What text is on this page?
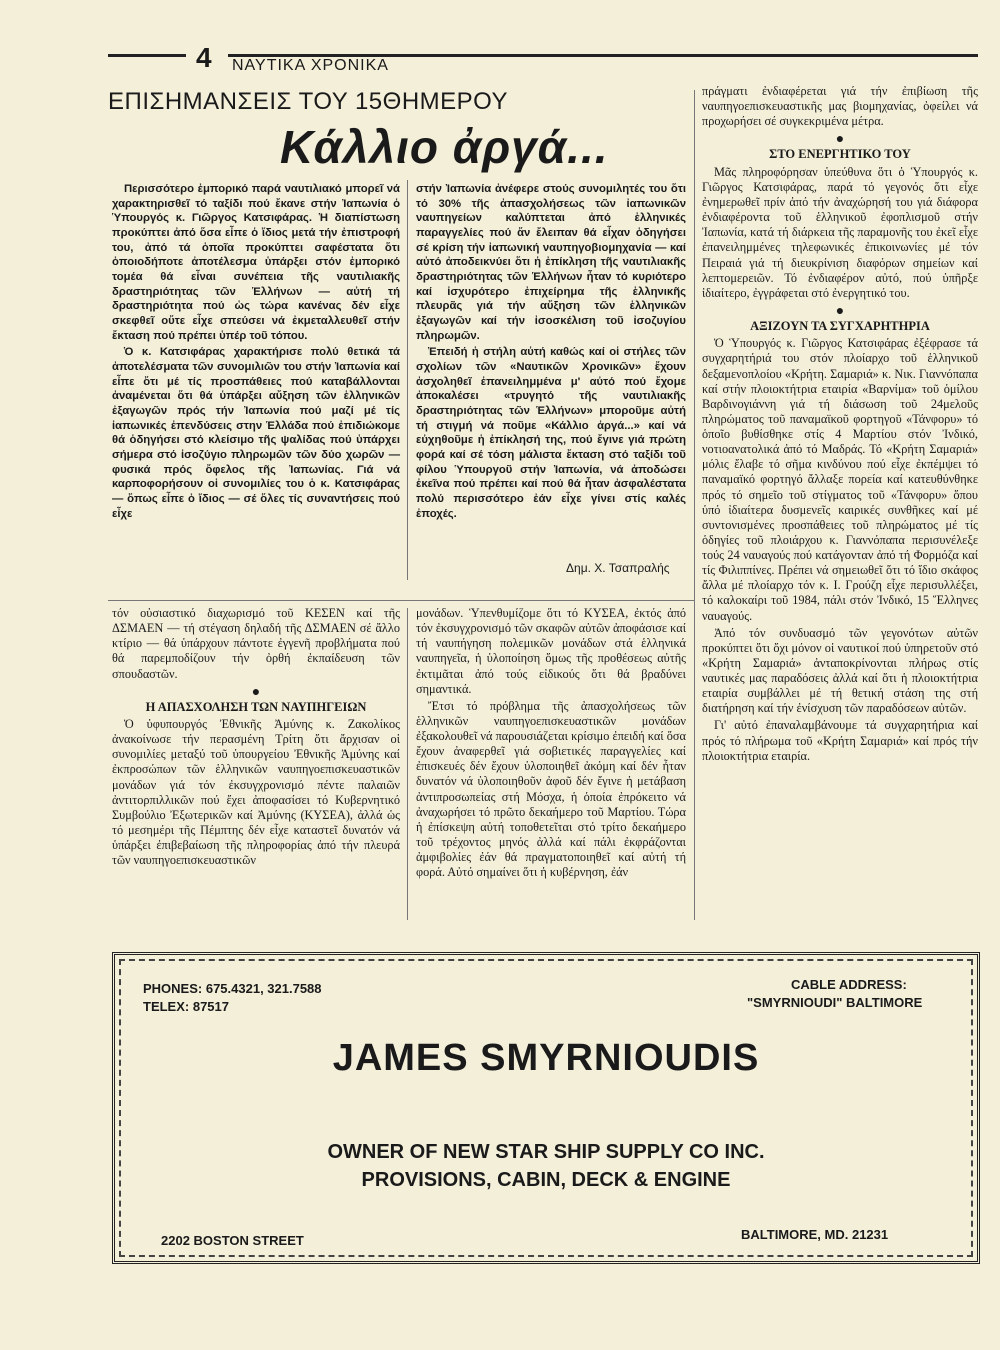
4 ΝΑΥΤΙΚΑ ΧΡΟΝΙΚΑ
ΕΠΙΣΗΜΑΝΣΕΙΣ ΤΟΥ 15ΘΗΜΕΡΟΥ
Κάλλιο ἀργά...

Περισσότερο ἐμπορικό παρά ναυτιλιακό μπορεῖ νά χαρακτηρισθεῖ τό ταξίδι πού ἔκανε στήν Ἰαπωνία ὁ Ὑπουργός κ. Γιῶργος Κατσιφάρας. Ἡ διαπίστωση προκύπτει ἀπό ὅσα εἶπε ὁ ἴδιος μετά τήν ἐπιστροφή του, ἀπό τά ὁποῖα προκύπτει σαφέστατα ὅτι ὁποιοδήποτε ἀποτέλεσμα ὑπάρξει στόν ἐμπορικό τομέα θά εἶναι συνέπεια τῆς ναυτιλιακῆς δραστηριότητας τῶν Ἑλλήνων — αὐτή τή δραστηριότητα πού ὡς τώρα κανένας δέν εἶχε σκεφθεῖ οὔτε εἶχε σπεύσει νά ἐκμεταλλευθεῖ στήν ἔκταση πού πρέπει ὑπέρ τοῦ τόπου.

Ὁ κ. Κατσιφάρας χαρακτήρισε πολύ θετικά τά ἀποτελέσματα τῶν συνομιλιῶν του στήν Ἰαπωνία καί εἶπε ὅτι μέ τίς προσπάθειες πού καταβάλλονται ἀναμένεται ὅτι θά ὑπάρξει αὔξηση τῶν ἑλληνικῶν ἐξαγωγῶν πρός τήν Ἰαπωνία πού μαζί μέ τίς ἰαπωνικές ἐπενδύσεις στην Ἑλλάδα πού ἐπιδιώκομε θά ὁδηγήσει στό κλείσιμο τῆς ψαλίδας πού ὑπάρχει σήμερα στό ἰσοζύγιο πληρωμῶν τῶν δύο χωρῶν — φυσικά πρός ὄφελος τῆς Ἰαπωνίας. Γιά νά καρποφορήσουν οἱ συνομιλίες του ὁ κ. Κατσιφάρας — ὅπως εἶπε ὁ ἴδιος — σέ ὅλες τίς συναντήσεις πού εἶχε

στήν Ἰαπωνία ἀνέφερε στούς συνομιλητές του ὅτι τό 30% τῆς ἀπασχολήσεως τῶν ἰαπωνικῶν ναυπηγείων καλύπτεται ἀπό ἑλληνικές παραγγελίες πού ἄν ἔλειπαν θά εἶχαν ὁδηγήσει σέ κρίση τήν ἰαπωνική ναυπηγοβιομηχανία — καί αὐτό ἀποδεικνύει ὅτι ἡ ἐπίκληση τῆς ναυτιλιακῆς δραστηριότητας τῶν Ἑλλήνων ἦταν τό κυριότερο καί ἰσχυρότερο ἐπιχείρημα τῆς ἑλληνικῆς πλευρᾶς γιά τήν αὔξηση τῶν ἑλληνικῶν ἐξαγωγῶν καί τήν ἰσοσκέλιση τοῦ ἰσοζυγίου πληρωμῶν.

Ἐπειδή ἡ στήλη αὐτή καθώς καί οἱ στήλες τῶν σχολίων τῶν «Ναυτικῶν Χρονικῶν» ἔχουν ἀσχοληθεῖ ἐπανειλημμένα μ' αὐτό πού ἔχομε ἀποκαλέσει «τρυγητό τῆς ναυτιλιακῆς δραστηριότητας τῶν Ἑλλήνων» μποροῦμε αὐτή τή στιγμή νά ποῦμε «Κάλλιο ἀργά...» καί νά εὐχηθοῦμε ἡ ἐπίκλησή της, πού ἔγινε γιά πρώτη φορά καί σέ τόση μάλιστα ἔκταση στό ταξίδι τοῦ φίλου Ὑπουργοῦ στήν Ἰαπωνία, νά ἀποδώσει ἐκεῖνα πού πρέπει καί πού θά ἦταν ἀσφαλέστατα πολύ περισσότερο ἐάν εἶχε γίνει στίς καλές ἐποχές.

Δημ. Χ. Τσαπραλής

πράγματι ἐνδιαφέρεται γιά τήν ἐπιβίωση τῆς ναυπηγοεπισκευαστικῆς μας βιομηχανίας, ὀφείλει νά προχωρήσει σέ συγκεκριμένα μέτρα.

●

ΣΤΟ ΕΝΕΡΓΗΤΙΚΟ ΤΟΥ

Μᾶς πληροφόρησαν ὑπεύθυνα ὅτι ὁ Ὑπουργός κ. Γιῶργος Κατσιφάρας, παρά τό γεγονός ὅτι εἶχε ἐνημερωθεῖ πρίν ἀπό τήν ἀναχώρησή του γιά διάφορα ἐνδιαφέροντα τοῦ ἑλληνικοῦ ἐφοπλισμοῦ στήν Ἰαπωνία, κατά τή διάρκεια τῆς παραμονῆς του ἐκεῖ εἶχε ἐπανειλημμένες τηλεφωνικές ἐπικοινωνίες μέ τόν Πειραιά γιά τή διευκρίνιση διαφόρων σημείων καί λεπτομερειῶν. Τό ἐνδιαφέρον αὐτό, πού ὑπῆρξε ἰδιαίτερο, ἐγγράφεται στό ἐνεργητικό του.

●

ΑΞΙΖΟΥΝ ΤΑ ΣΥΓΧΑΡΗΤΗΡΙΑ

Ὁ Ὑπουργός κ. Γιῶργος Κατσιφάρας ἐξέφρασε τά συγχαρητήριά του στόν πλοίαρχο τοῦ ἑλληνικοῦ δεξαμενοπλοίου «Κρήτη. Σαμαριά» κ. Νικ. Γιαννόπαπα καί στήν πλοιοκτήτρια εταιρία «Βαρνίμα» τοῦ ὁμίλου Βαρδινογιάννη γιά τή διάσωση τοῦ 24μελοῦς πληρώματος τοῦ παναμαϊκοῦ φορτηγοῦ «Τάνφορυ» τό ὁποῖο βυθίσθηκε στίς 4 Μαρτίου στόν Ἰνδικό, νοτιοανατολικά ἀπό τό Μαδράς. Τό «Κρήτη Σαμαριά» μόλις ἔλαβε τό σῆμα κινδύνου πού εἶχε ἐκπέμψει τό παναμαϊκό φορτηγό ἄλλαξε πορεία καί κατευθύνθηκε πρός τό σημεῖο τοῦ στίγματος τοῦ «Τάνφορυ» ὅπου ὑπό ἰδιαίτερα δυσμενεῖς καιρικές συνθῆκες καί μέ συντονισμένες προσπάθειες τοῦ πληρώματος μέ τίς ὁδηγίες τοῦ πλοιάρχου κ. Γιαννόπαπα περισυνέλεξε τούς 24 ναυαγούς πού κατάγονταν ἀπό τή Φορμόζα καί τίς Φιλιππίνες. Πρέπει νά σημειωθεῖ ὅτι τό ἴδιο σκάφος ἄλλα μέ πλοίαρχο τόν κ. Ι. Γρούζη εἶχε περισυλλέξει, τό καλοκαίρι τοῦ 1984, πάλι στόν Ἰνδικό, 15 Ἕλληνες ναυαγούς.

Ἀπό τόν συνδυασμό τῶν γεγονότων αὐτῶν προκύπτει ὅτι ὄχι μόνον οἱ ναυτικοί πού ὑπηρετοῦν στό «Κρήτη Σαμαριά» ἀνταποκρίνονται πλήρως στίς ναυτικές μας παραδόσεις ἀλλά καί ὅτι ἡ πλοιοκτήτρια εταιρία συμβάλλει μέ τή θετική στάση της στή διατήρηση καί τήν ἐνίσχυση τῶν παραδόσεων αὐτῶν.

Γι' αὐτό ἐπαναλαμβάνουμε τά συγχαρητήρια καί πρός τό πλήρωμα τοῦ «Κρήτη Σαμαριά» καί πρός τήν πλοιοκτήτρια εταιρία.

τόν οὐσιαστικό διαχωρισμό τοῦ ΚΕΣΕΝ καί τῆς ΔΣΜΑΕΝ — τή στέγαση δηλαδή τῆς ΔΣΜΑΕΝ σέ ἄλλο κτίριο — θά ὑπάρχουν πάντοτε ἐγγενῆ προβλήματα πού θά παρεμποδίζουν τήν ὀρθή ἐκπαίδευση τῶν σπουδαστῶν.

●

Η ΑΠΑΣΧΟΛΗΣΗ ΤΩΝ ΝΑΥΠΗΓΕΙΩΝ

Ὁ ὑφυπουργός Ἐθνικῆς Ἀμύνης κ. Ζακολίκος ἀνακοίνωσε τήν περασμένη Τρίτη ὅτι ἄρχισαν οἱ συνομιλίες μεταξύ τοῦ ὑπουργείου Ἐθνικῆς Ἀμύνης καί ἐκπροσώπων τῶν ἑλληνικῶν ναυπηγοεπισκευαστικῶν μονάδων γιά τόν ἐκσυγχρονισμό πέντε παλαιῶν ἀντιτορπιλλικῶν πού ἔχει ἀποφασίσει τό Κυβερνητικό Συμβούλιο Ἐξωτερικῶν καί Ἀμύνης (ΚΥΣΕΑ), ἀλλά ὡς τό μεσημέρι τῆς Πέμπτης δέν εἶχε καταστεῖ δυνατόν νά ὑπάρξει ἐπιβεβαίωση τῆς πληροφορίας ἀπό τήν πλευρά τῶν ναυπηγοεπισκευαστικῶν

μονάδων. Ὑπενθυμίζομε ὅτι τό ΚΥΣΕΑ, ἐκτός ἀπό τόν ἐκσυγχρονισμό τῶν σκαφῶν αὐτῶν ἀποφάσισε καί τή ναυπήγηση πολεμικῶν μονάδων στά ἑλληνικά ναυπηγεῖα, ἡ ὑλοποίηση ὅμως τῆς προθέσεως αὐτῆς ἐκτιμᾶται ἀπό τούς εἰδικούς ὅτι θά βραδύνει σημαντικά.

Ἔτσι τό πρόβλημα τῆς ἀπασχολήσεως τῶν ἑλληνικῶν ναυπηγοεπισκευαστικῶν μονάδων ἐξακολουθεῖ νά παρουσιάζεται κρίσιμο ἐπειδή καί ὅσα ἔχουν ἀναφερθεῖ γιά σοβιετικές παραγγελίες καί ἐπισκευές δέν ἔχουν ὑλοποιηθεῖ ἀκόμη καί δέν ἦταν δυνατόν νά ὑλοποιηθοῦν ἀφοῦ δέν ἔγινε ἡ μετάβαση ἀντιπροσωπείας στή Μόσχα, ἡ ὁποία ἐπρόκειτο νά ἀναχωρήσει τό πρῶτο δεκαήμερο τοῦ Μαρτίου. Τώρα ἡ ἐπίσκεψη αὐτή τοποθετεῖται στό τρίτο δεκαήμερο τοῦ τρέχοντος μηνός ἀλλά καί πάλι ἐκφράζονται ἀμφιβολίες ἐάν θά πραγματοποιηθεῖ καί αὐτή τή φορά. Αὐτό σημαίνει ὅτι ἡ κυβέρνηση, ἐάν

PHONES: 675.4321, 321.7588
TELEX: 87517
CABLE ADDRESS:
"SMYRNIOUDI" BALTIMORE
JAMES SMYRNIOUDIS
OWNER OF NEW STAR SHIP SUPPLY CO INC.
PROVISIONS, CABIN, DECK & ENGINE
2202 BOSTON STREET	BALTIMORE, MD. 21231
